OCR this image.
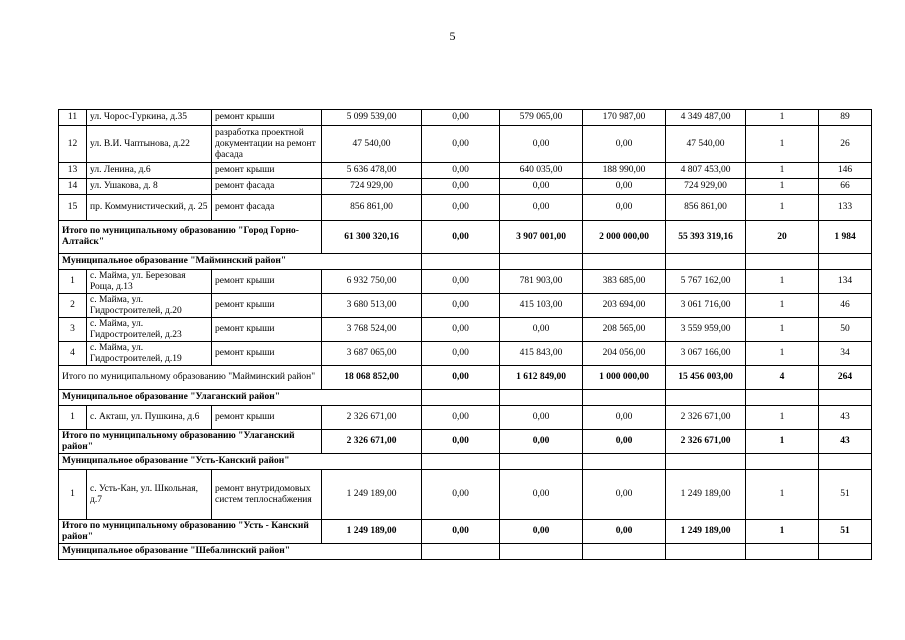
5
11	ул. Чорос-Гуркина, д.35	ремонт крыши	5 099 539,00	0,00	579 065,00	170 987,00	4 349 487,00	1	89
12	ул. В.И. Чаптынова, д.22	разработка проектной документации на ремонт фасада	47 540,00	0,00	0,00	0,00	47 540,00	1	26
13	ул. Ленина, д.6	ремонт крыши	5 636 478,00	0,00	640 035,00	188 990,00	4 807 453,00	1	146
14	ул. Ушакова, д. 8	ремонт фасада	724 929,00	0,00	0,00	0,00	724 929,00	1	66
15	пр. Коммунистический, д. 25	ремонт фасада	856 861,00	0,00	0,00	0,00	856 861,00	1	133
Итого по муниципальному образованию "Город Горно-Алтайск"			61 300 320,16	0,00	3 907 001,00	2 000 000,00	55 393 319,16	20	1 984
Муниципальное образование "Майминский район"									
1	с. Майма, ул. Березовая Роща, д.13	ремонт крыши	6 932 750,00	0,00	781 903,00	383 685,00	5 767 162,00	1	134
2	с. Майма, ул. Гидростроителей, д.20	ремонт крыши	3 680 513,00	0,00	415 103,00	203 694,00	3 061 716,00	1	46
3	с. Майма, ул. Гидростроителей, д.23	ремонт крыши	3 768 524,00	0,00	0,00	208 565,00	3 559 959,00	1	50
4	с. Майма, ул. Гидростроителей, д.19	ремонт крыши	3 687 065,00	0,00	415 843,00	204 056,00	3 067 166,00	1	34
Итого по муниципальному образованию "Майминский район"			18 068 852,00	0,00	1 612 849,00	1 000 000,00	15 456 003,00	4	264
Муниципальное образование "Улаганский район"									
1	с. Акташ, ул. Пушкина, д.6	ремонт крыши	2 326 671,00	0,00	0,00	0,00	2 326 671,00	1	43
Итого по муниципальному образованию "Улаганский район"			2 326 671,00	0,00	0,00	0,00	2 326 671,00	1	43
Муниципальное образование "Усть-Канский район"									
1	с. Усть-Кан, ул. Школьная, д.7	ремонт внутридомовых систем теплоснабжения	1 249 189,00	0,00	0,00	0,00	1 249 189,00	1	51
Итого по муниципальному образованию "Усть - Канский район"			1 249 189,00	0,00	0,00	0,00	1 249 189,00	1	51
Муниципальное образование "Шебалинский район"									
